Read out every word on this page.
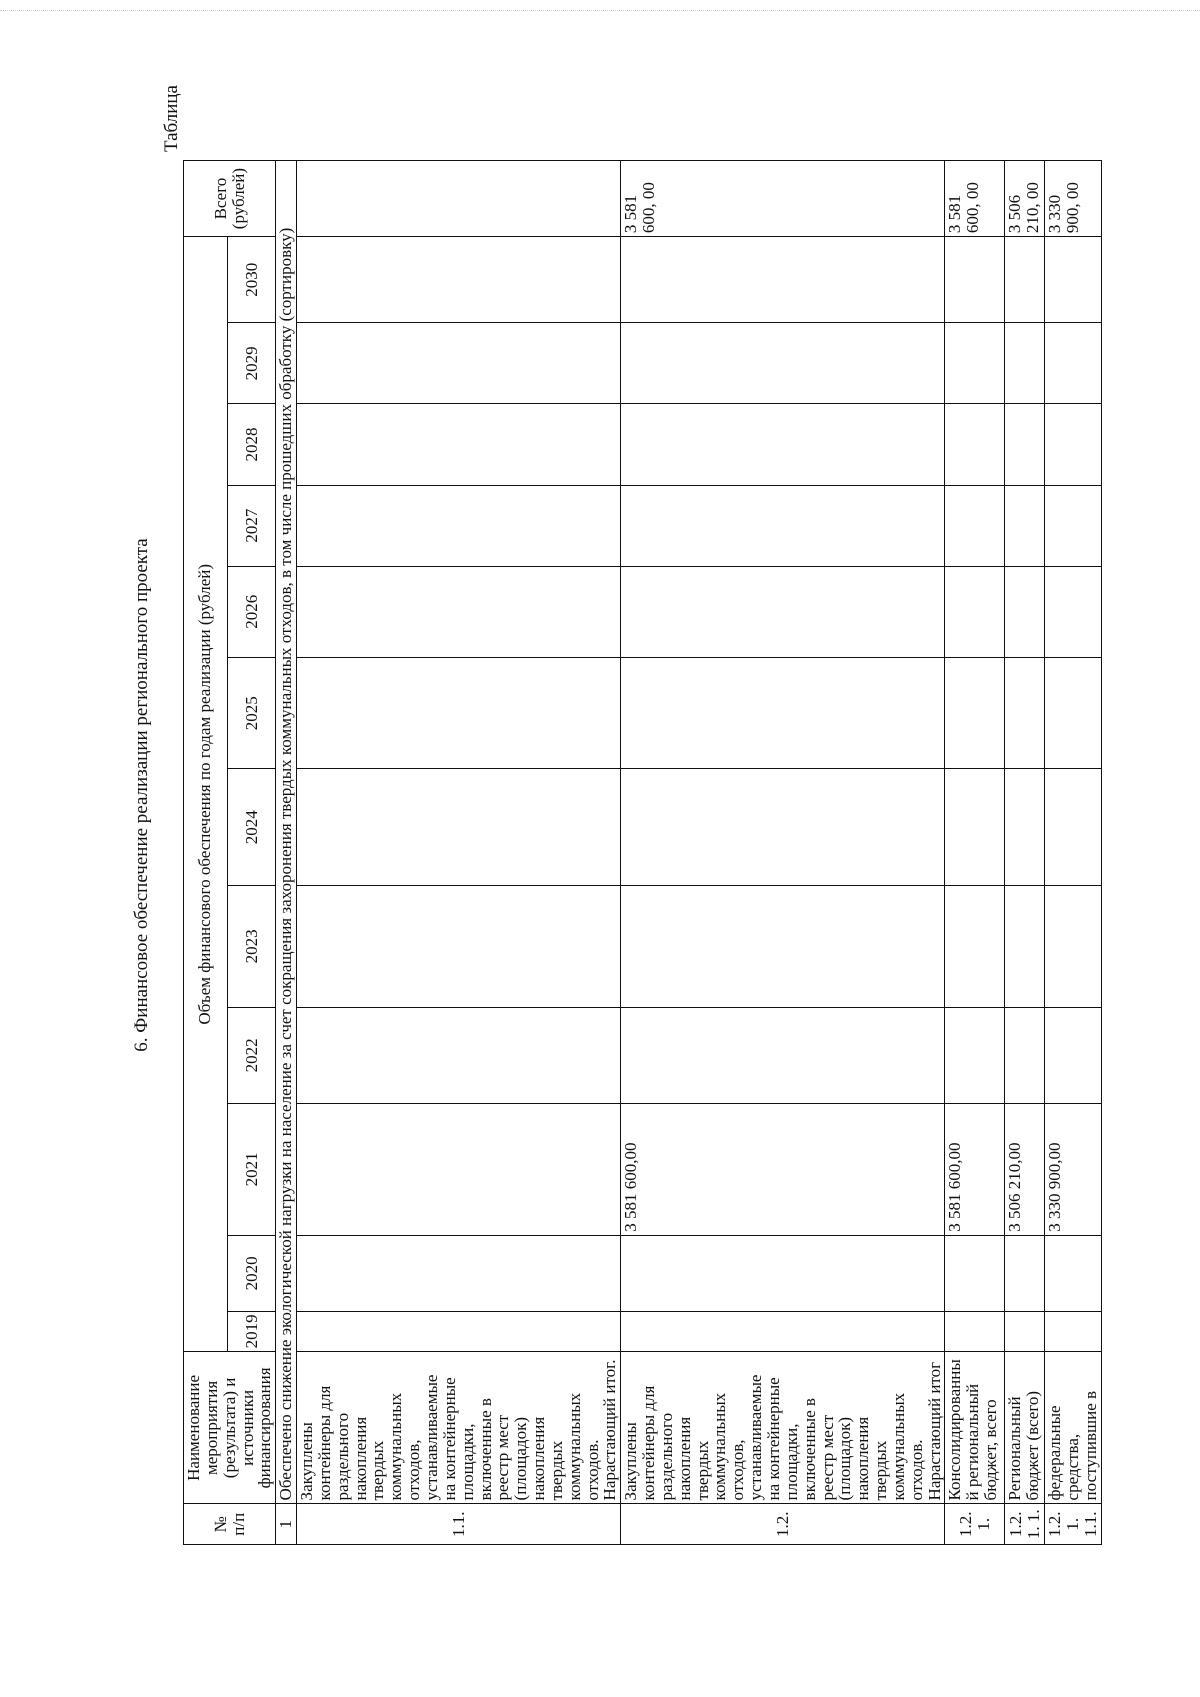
6. Финансовое обеспечение реализации регионального проекта
Таблица
№ п/п	Наименование мероприятия (результата) и источники финансирования	Объем финансового обеспечения по годам реализации (рублей)												Всего (рублей)
		2019	2020	2021	2022	2023	2024	2025	2026	2027	2028	2029	2030	
1	Обеспечено снижение экологической нагрузки на население за счет сокращения захоронения твердых коммунальных отходов, в том числе прошедших обработку (сортировку)													
1.1.	Закуплены контейнеры для раздельного накопления твердых коммунальных отходов, устанавливаемые на контейнерные площадки, включенные в реестр мест (площадок) накопления твердых коммунальных отходов. Нарастающий итог.													
1.2.	Закуплены контейнеры для раздельного накопления твердых коммунальных отходов, устанавливаемые на контейнерные площадки, включенные в реестр мест (площадок) накопления твердых коммунальных отходов. Нарастающий итог			3 581 600,00										3 581 600, 00
1.2.1.	Консолидированный региональный бюджет, всего			3 581 600,00										3 581 600, 00
1.2.1. 1.	Региональный бюджет (всего)			3 506 210,00										3 506 210, 00
1.2.1. 1.1.	федеральные средства, поступившие в			3 330 900,00										3 330 900, 00
